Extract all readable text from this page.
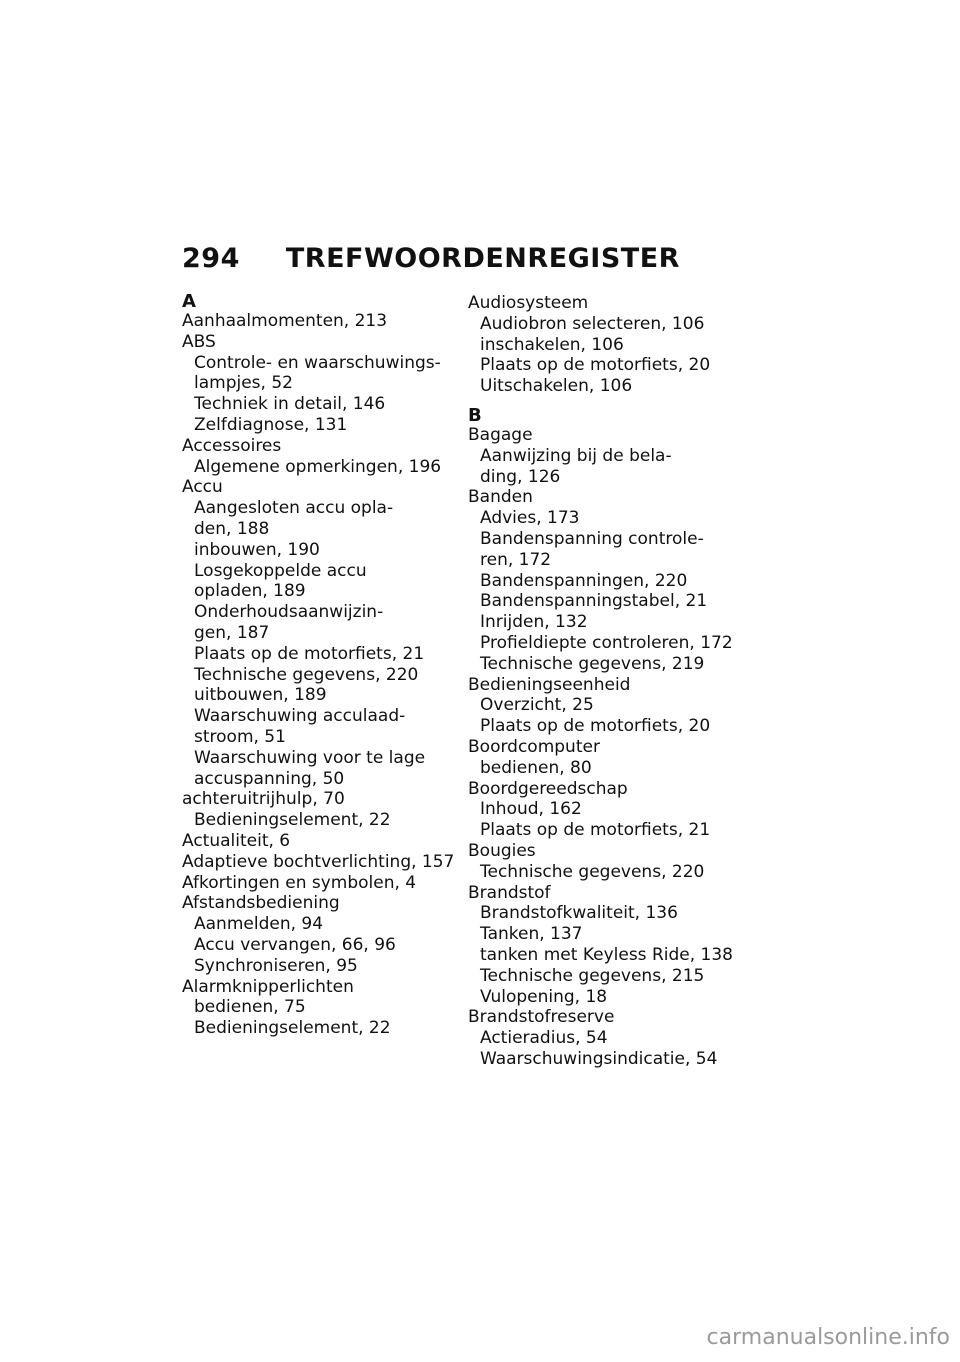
294 TREFWOORDENREGISTER
A
Aanhaalmomenten, 213
ABS
Controle- en waarschuwings-
lampjes, 52
Techniek in detail, 146
Zelfdiagnose, 131
Accessoires
Algemene opmerkingen, 196
Accu
Aangesloten accu opla-
den, 188
inbouwen, 190
Losgekoppelde accu
opladen, 189
Onderhoudsaanwijzin-
gen, 187
Plaats op de motorfiets, 21
Technische gegevens, 220
uitbouwen, 189
Waarschuwing acculaad-
stroom, 51
Waarschuwing voor te lage
accuspanning, 50
achteruitrijhulp, 70
Bedieningselement, 22
Actualiteit, 6
Adaptieve bochtverlichting, 157
Afkortingen en symbolen, 4
Afstandsbediening
Aanmelden, 94
Accu vervangen, 66, 96
Synchroniseren, 95
Alarmknipperlichten
bedienen, 75
Bedieningselement, 22
Audiosysteem
Audiobron selecteren, 106
inschakelen, 106
Plaats op de motorfiets, 20
Uitschakelen, 106
B
Bagage
Aanwijzing bij de bela-
ding, 126
Banden
Advies, 173
Bandenspanning controle-
ren, 172
Bandenspanningen, 220
Bandenspanningstabel, 21
Inrijden, 132
Profieldiepte controleren, 172
Technische gegevens, 219
Bedieningseenheid
Overzicht, 25
Plaats op de motorfiets, 20
Boordcomputer
bedienen, 80
Boordgereedschap
Inhoud, 162
Plaats op de motorfiets, 21
Bougies
Technische gegevens, 220
Brandstof
Brandstofkwaliteit, 136
Tanken, 137
tanken met Keyless Ride, 138
Technische gegevens, 215
Vulopening, 18
Brandstofreserve
Actieradius, 54
Waarschuwingsindicatie, 54
carmanualsonline.info
